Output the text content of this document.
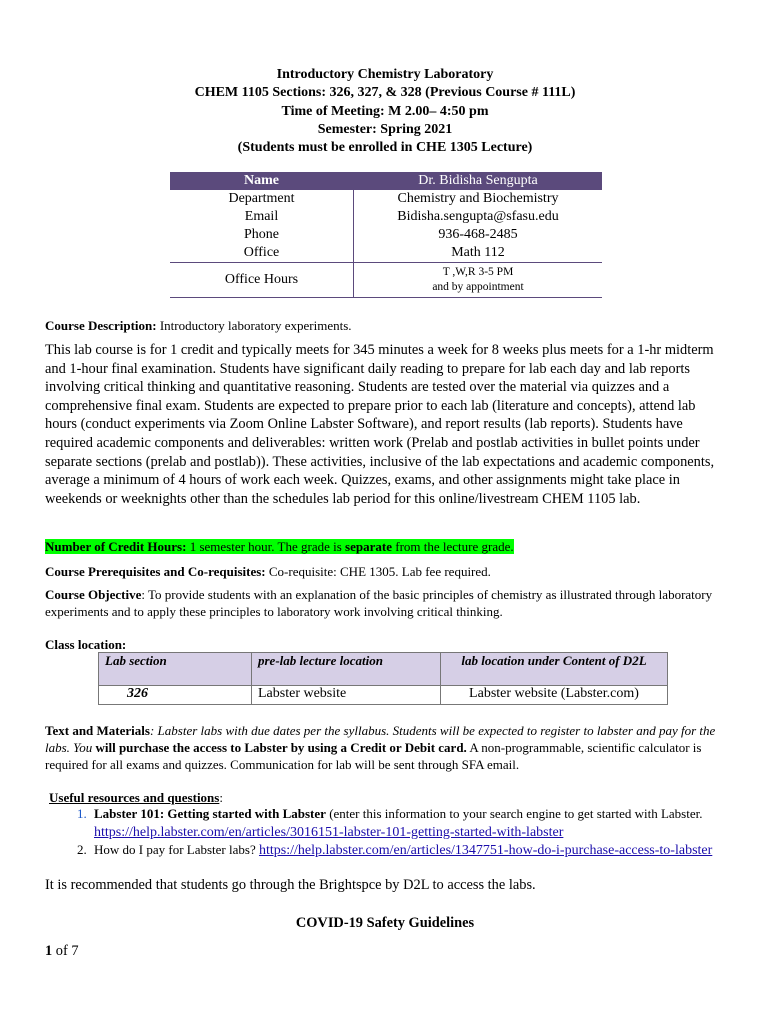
Introductory Chemistry Laboratory
CHEM 1105 Sections: 326, 327, & 328 (Previous Course # 111L)
Time of Meeting: M 2.00– 4:50 pm
Semester: Spring 2021
(Students must be enrolled in CHE 1305 Lecture)
Name	Dr. Bidisha Sengupta
Department	Chemistry and Biochemistry
Email	Bidisha.sengupta@sfasu.edu
Phone	936-468-2485
Office	Math 112
Office Hours	T ,W,R 3-5 PM
and by appointment
Course Description: Introductory laboratory experiments.
This lab course is for 1 credit and typically meets for 345 minutes a week for 8 weeks plus meets for a 1-hr midterm and 1-hour final examination. Students have significant daily reading to prepare for lab each day and lab reports involving critical thinking and quantitative reasoning. Students are tested over the material via quizzes and a comprehensive final exam. Students are expected to prepare prior to each lab (literature and concepts), attend lab hours (conduct experiments via Zoom Online Labster Software), and report results (lab reports). Students have required academic components and deliverables: written work (Prelab and postlab activities in bullet points under separate sections (prelab and postlab)). These activities, inclusive of the lab expectations and academic components, average a minimum of 4 hours of work each week. Quizzes, exams, and other assignments might take place in weekends or weeknights other than the schedules lab period for this online/livestream CHEM 1105 lab.
Number of Credit Hours: 1 semester hour. The grade is separate from the lecture grade.
Course Prerequisites and Co-requisites: Co-requisite: CHE 1305. Lab fee required.
Course Objective: To provide students with an explanation of the basic principles of chemistry as illustrated through laboratory experiments and to apply these principles to laboratory work involving critical thinking.
Class location:
Lab section	pre-lab lecture location	lab location under Content of D2L
326	Labster website	Labster website (Labster.com)
Text and Materials: Labster labs with due dates per the syllabus. Students will be expected to register to labster and pay for the labs. You will purchase the access to Labster by using a Credit or Debit card. A non-programmable, scientific calculator is required for all exams and quizzes. Communication for lab will be sent through SFA email.
Useful resources and questions:
1. Labster 101: Getting started with Labster (enter this information to your search engine to get started with Labster. https://help.labster.com/en/articles/3016151-labster-101-getting-started-with-labster
2. How do I pay for Labster labs? https://help.labster.com/en/articles/1347751-how-do-i-purchase-access-to-labster
It is recommended that students go through the Brightspce by D2L to access the labs.
COVID-19 Safety Guidelines
1 of 7
